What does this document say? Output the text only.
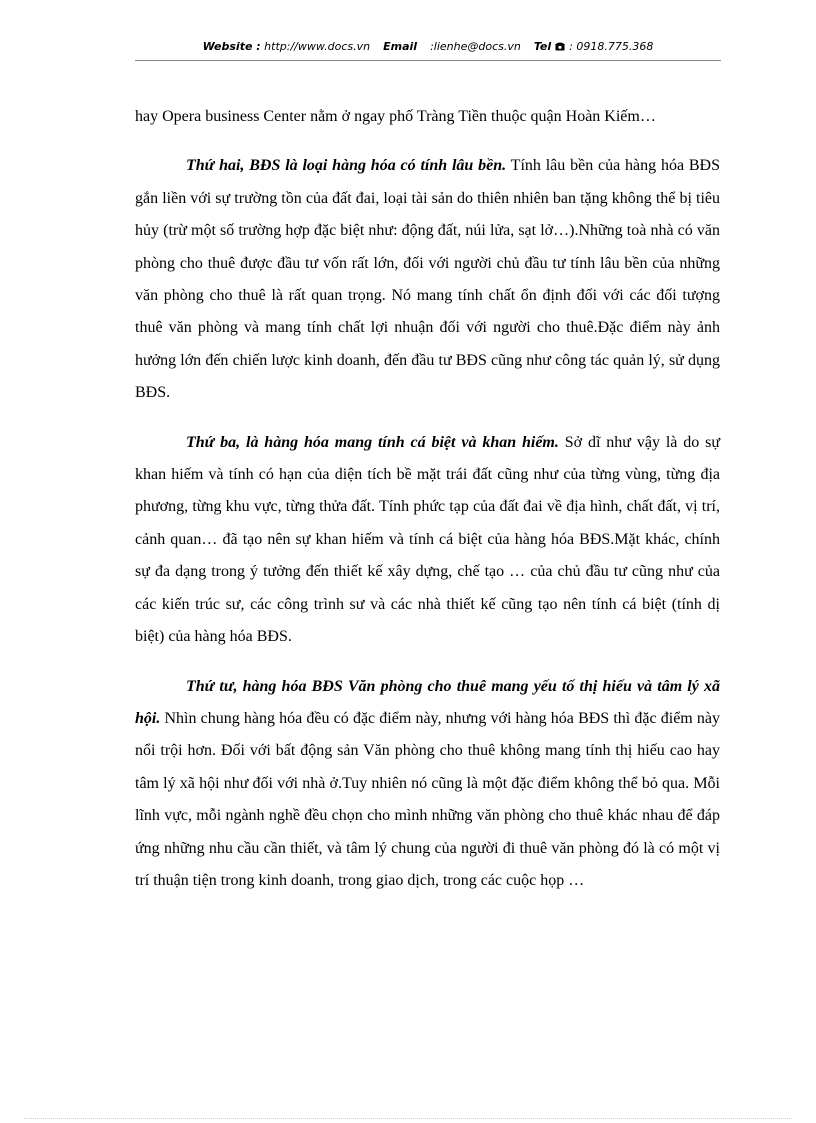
Website : http://www.docs.vn Email :lienhe@docs.vn Tel : 0918.775.368

hay Opera business Center nằm ở ngay phố Tràng Tiền thuộc quận Hoàn Kiếm…

Thứ hai, BĐS là loại hàng hóa có tính lâu bền. Tính lâu bền của hàng hóa BĐS gắn liền với sự trường tồn của đất đai, loại tài sản do thiên nhiên ban tặng không thể bị tiêu hủy (trừ một số trường hợp đặc biệt như: động đất, núi lửa, sạt lở…).Những toà nhà có văn phòng cho thuê được đầu tư vốn rất lớn, đối với người chủ đầu tư tính lâu bền của những văn phòng cho thuê là rất quan trọng. Nó mang tính chất ổn định đối với các đối tượng thuê văn phòng và mang tính chất lợi nhuận đối với người cho thuê.Đặc điểm này ảnh hưởng lớn đến chiến lược kinh doanh, đến đầu tư BĐS cũng như công tác quản lý, sử dụng BĐS.

Thứ ba, là hàng hóa mang tính cá biệt và khan hiếm. Sở dĩ như vậy là do sự khan hiếm và tính có hạn của diện tích bề mặt trái đất cũng như của từng vùng, từng địa phương, từng khu vực, từng thửa đất. Tính phức tạp của đất đai về địa hình, chất đất, vị trí, cảnh quan… đã tạo nên sự khan hiếm và tính cá biệt của hàng hóa BĐS.Mặt khác, chính sự đa dạng trong ý tưởng đến thiết kế xây dựng, chế tạo … của chủ đầu tư cũng như của các kiến trúc sư, các công trình sư và các nhà thiết kế cũng tạo nên tính cá biệt (tính dị biệt) của hàng hóa BĐS.

Thứ tư, hàng hóa BĐS Văn phòng cho thuê mang yếu tố thị hiếu và tâm lý xã hội. Nhìn chung hàng hóa đều có đặc điểm này, nhưng với hàng hóa BĐS thì đặc điểm này nổi trội hơn. Đối với bất động sản Văn phòng cho thuê không mang tính thị hiếu cao hay tâm lý xã hội như đối với nhà ở.Tuy nhiên nó cũng là một đặc điểm không thể bỏ qua. Mỗi lĩnh vực, mỗi ngành nghề đều chọn cho mình những văn phòng cho thuê khác nhau để đáp ứng những nhu cầu cần thiết, và tâm lý chung của người đi thuê văn phòng đó là có một vị trí thuận tiện trong kinh doanh, trong giao dịch, trong các cuộc họp …
